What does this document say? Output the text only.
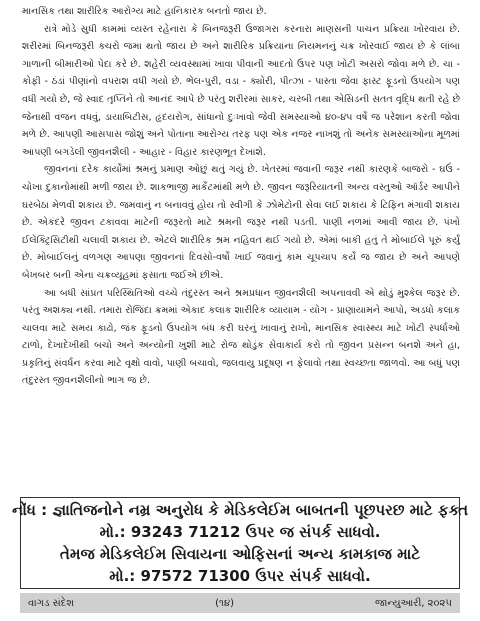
માનસિક તથા શારીરિક આરોગ્ય માટે હાનિકારક બનતો જાય છે.

રાત્રે મોડે સુધી કામમાં વ્યસ્ત રહેનારા કે બિનજરૂરી ઉજાગરા કરનારા માણસની પાચન પ્રક્રિયા ખોરવાય છે. શરીરમાં બિનજરૂરી ક્ચરો જમા થતો જાય છે અને શારીરિક પ્રક્રિયાના નિયમનનું ચક્ર ખોરવાઈ જાય છે કે લાંબા ગાળાની બીમારીઓ પેદા કરે છે. શહેરી વ્યવસ્થામાં ખાવા પીવાની આદતો ઉપર પણ ખોટી અસરો જોવા મળે છે. ચા - કોફી - ઠંડાં પીણાંનો વપરાશ વધી ગયો છે. ભેલ-પુરી, વડા - ક્યોરી, પીત્ઝા - પાસ્તા જેવા ફાસ્ટ ફૂડનો ઉપયોગ પણ વધી ગયો છે, જે સ્વાદ તૃપ્તિને તો આનંદ આપે છે પરંતુ શરીરમાં સાકર, ચરબી તથા એસિડની સતત વૃદ્ધિ થતી રહે છે જેનાથી વજન વધવું, ડાયાબિટીસ, હૃદયરોગ, સાંધાનો દુઃખાવો જેવી સમસ્યાઓ ૪૦-૪૫ વર્ષે જ પરેશાન કરતી જોવા મળે છે. આપણી આસપાસ જોશું અને પોતાના આરોગ્ય તરફ પણ એક નજર નાખશું તો અનેક સમસ્યાઓના મૂળમાં આપણી બગડેલી જીવનશૈલી - આહાર - વિહાર કારણભૂત દેખાશે.

જીવનનાં દરેક કાર્યોમાં શ્રમનું પ્રમાણ ઓછું થતું ગયું છે. ખેતરમાં જવાની જરૂર નથી કારણકે બાજરો - ઘઉં - ચોખા દુકાનોમાંથી મળી જાય છે. શાકભાજી માર્કેટમાંથી મળે છે. જીવન જરૂરિયાતની અન્ય વસ્તુઓ ઑર્ડર આપીને ઘરબેઠા મેળવી શકાય છે. જમવાનું ન બનાવવું હોય તો સ્વીગી કે ઝોમેટોની સેવા લઈ શકાય કે ટિફિન મંગાવી શકાય છે. એકંદરે જીવન ટકાવવા માટેની જરૂરતો માટે શ્રમની જરૂર નથી પડતી. પાણી નળમાં આવી જાય છે. પંખો ઈલેક્ટ્રિસિટીથી ચલાવી શકાય છે. એટલે શારીરિક શ્રમ નહિવત થઈ ગયો છે. એમાં બાકી હતું તે મોબાઈલે પૂરું કર્યું છે. મોબાઈલનું વળગણ આપણા જીવનનાં દિવસો-વર્ષો ખાઈ જવાનું કામ ચૂપચાપ કર્યે જ જાય છે અને આપણે બેખબર બની એના ચક્રવ્યૂહમાં ફસાતા જઈએ છીએ.

આ બધી સાંપ્રત પરિસ્થિતિઓ વચ્ચે તંદુરસ્ત અને શ્રમપ્રધાન જીવનશૈલી અપનાવવી એ થોડું મુશ્કેલ જરૂર છે. પરંતુ અશક્ય નથી. તમારા રોજિંદા ક્રમમાં એકાદ કલાક શારીરિક વ્યાયામ - યોગ - પ્રાણાયામને આપો, અડધો કલાક ચાલવા માટે સમય કાઢો, જંક ફૂડનો ઉપયોગ બંધ કરી ઘરનું ખાવાનું રાખો, માનસિક સ્વાસ્થ્ય માટે ખોટી સ્પર્ધાઓ ટાળો, દેખાદેખીથી બચો અને અન્યોની ખુશી માટે રોજ થોડુંક સેવાકાર્ય કરો તો જીવન પ્રસન્ન બનશે અને હા, પ્રકૃતિનું સંવર્ધન કરવા માટે વૃક્ષો વાવો, પાણી બચાવો, જલવાયુ પ્રદૂષણ ન ફેલાવો તથા સ્વચ્છતા જાળવો. આ બધું પણ તંદુરસ્ત જીવનશૈલીનો ભાગ જ છે.

નોંધ : જ્ઞાતિજનોને નમ્ર અનુરોધ કે મેડિકલેઈમ બાબતની પૂછપરછ માટે ફક્ત
મો.: 93243 71212 ઉપર જ સંપર્ક સાધવો.
તેમજ મેડિકલેઈમ સિવાયના ઓફિસનાં અન્ય કામકાજ માટે
મો.: 97572 71300 ઉપર સંપર્ક સાધવો.
વાગડ સંદેશ	(૧૪)	જાન્યુઆરી, ૨૦૨૫
